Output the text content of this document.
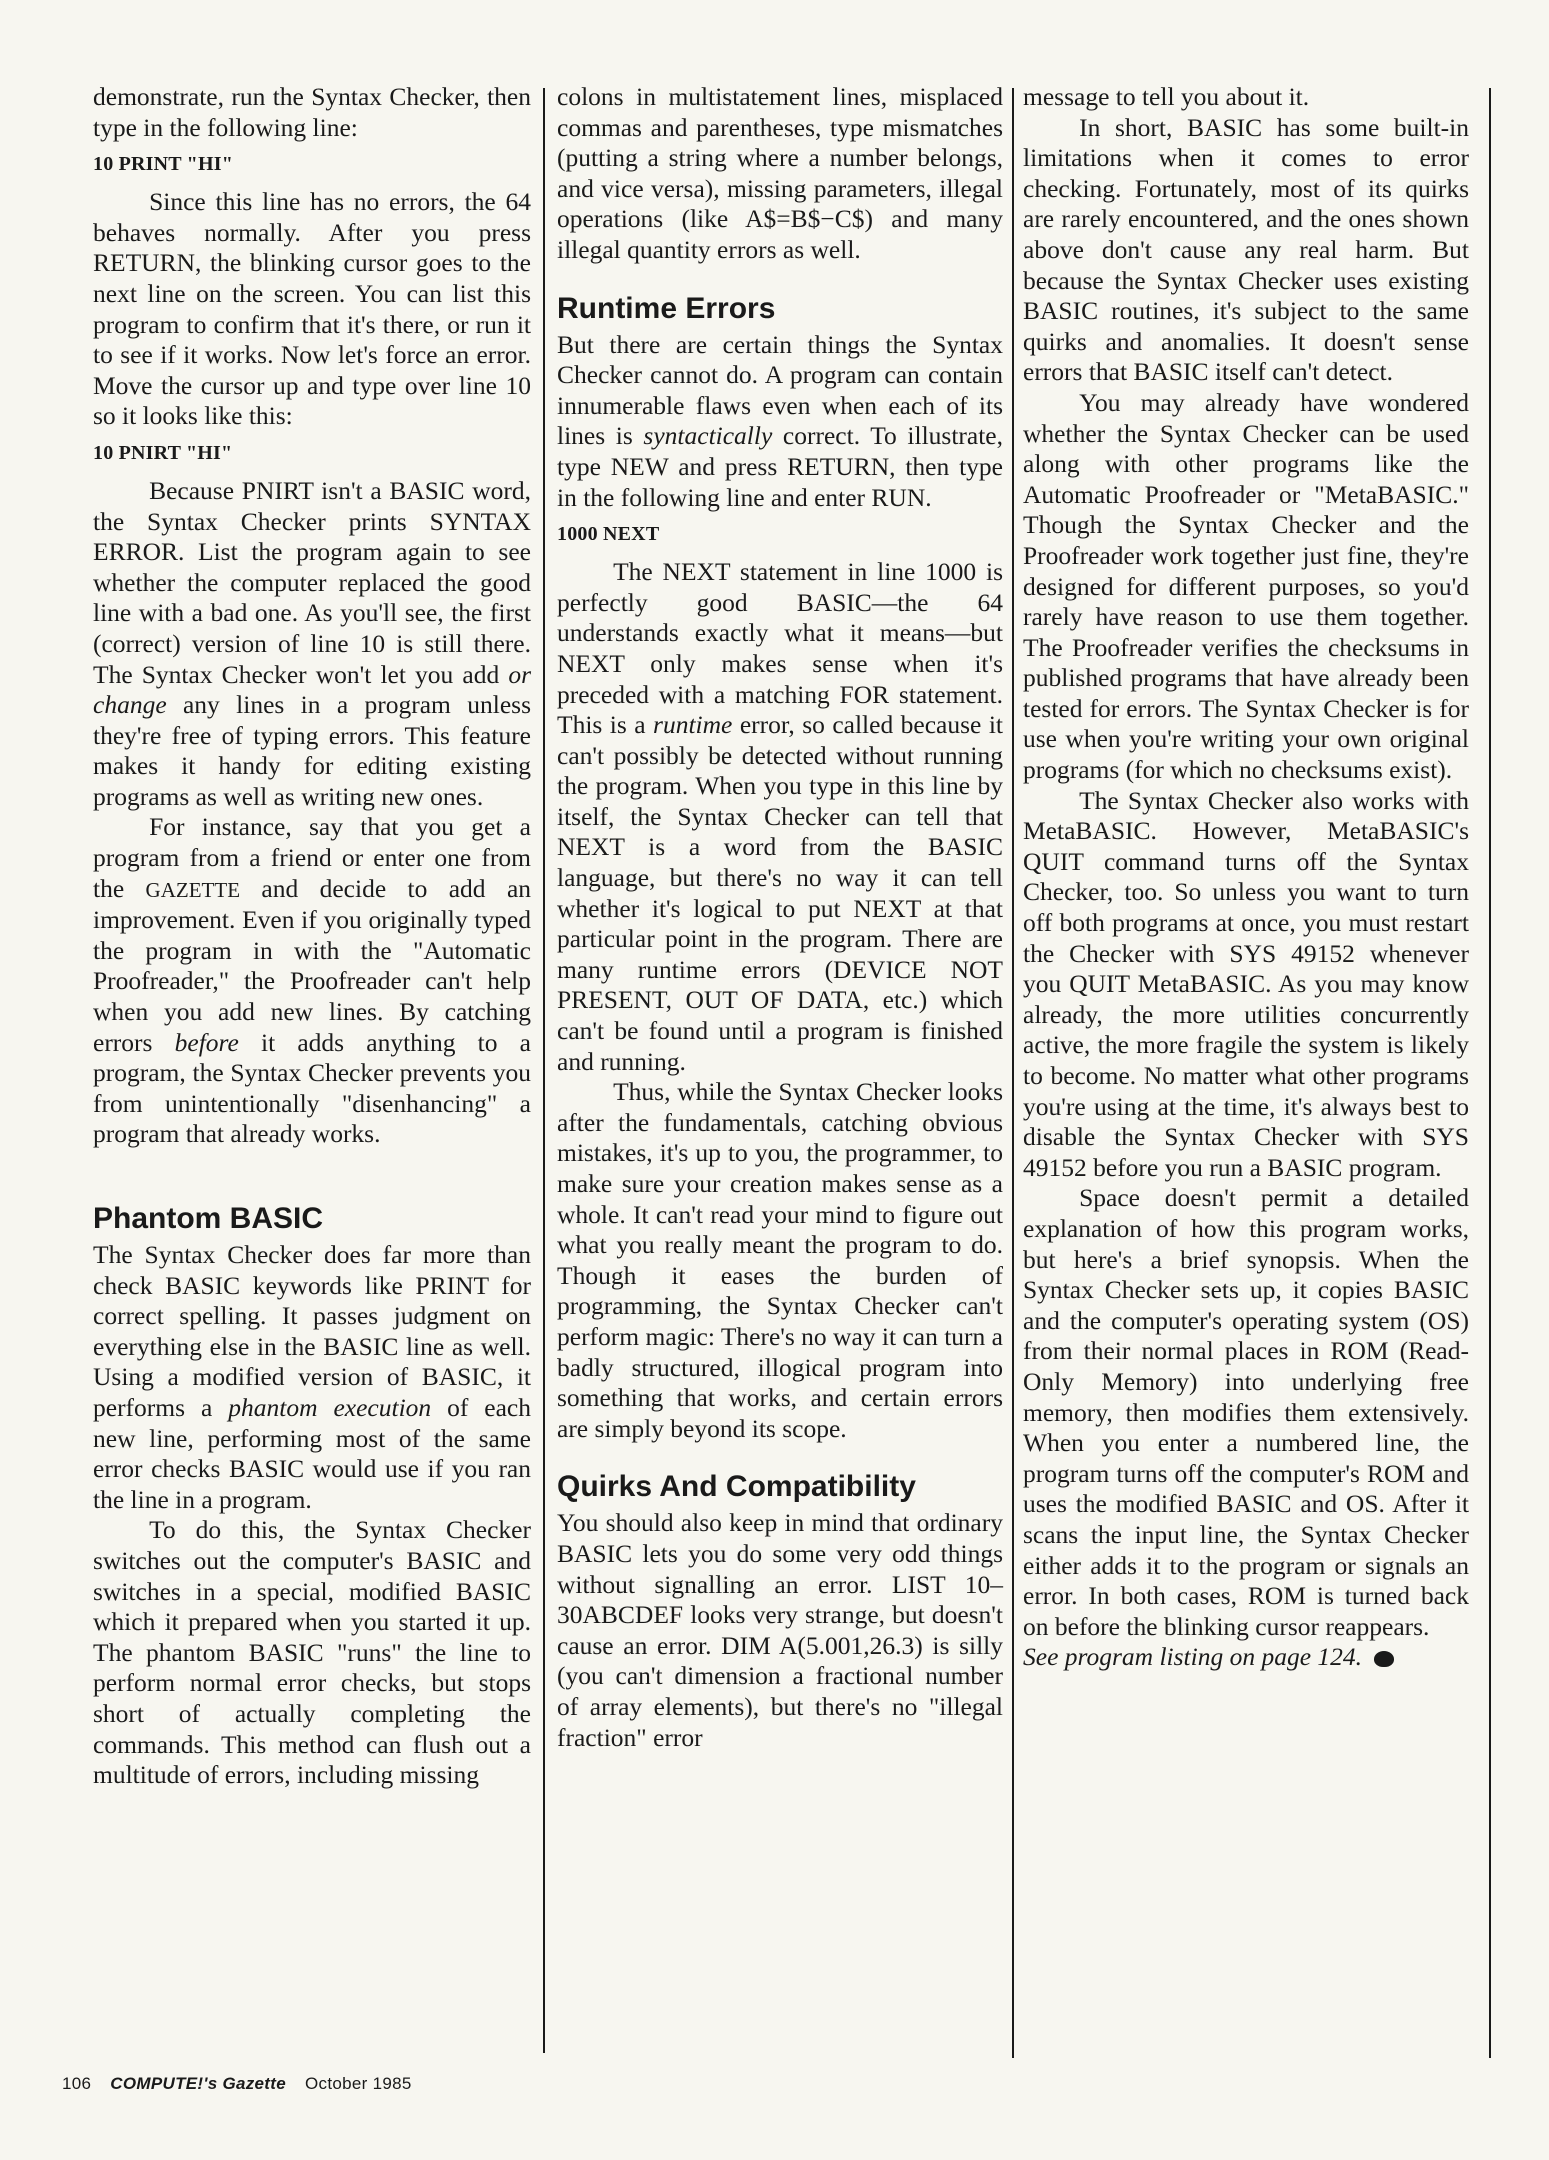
demonstrate, run the Syntax Checker, then type in the following line:

10 PRINT "HI"

Since this line has no errors, the 64 behaves normally. After you press RETURN, the blinking cursor goes to the next line on the screen. You can list this program to confirm that it's there, or run it to see if it works. Now let's force an error. Move the cursor up and type over line 10 so it looks like this:

10 PNIRT "HI"

Because PNIRT isn't a BASIC word, the Syntax Checker prints SYNTAX ERROR. List the program again to see whether the computer replaced the good line with a bad one. As you'll see, the first (correct) version of line 10 is still there. The Syntax Checker won't let you add or change any lines in a program unless they're free of typing errors. This feature makes it handy for editing existing programs as well as writing new ones.

For instance, say that you get a program from a friend or enter one from the GAZETTE and decide to add an improvement. Even if you originally typed the program in with the "Automatic Proofreader," the Proofreader can't help when you add new lines. By catching errors before it adds anything to a program, the Syntax Checker prevents you from unintentionally "disenhancing" a program that already works.

Phantom BASIC

The Syntax Checker does far more than check BASIC keywords like PRINT for correct spelling. It passes judgment on everything else in the BASIC line as well. Using a modified version of BASIC, it performs a phantom execution of each new line, performing most of the same error checks BASIC would use if you ran the line in a program.

To do this, the Syntax Checker switches out the computer's BASIC and switches in a special, modified BASIC which it prepared when you started it up. The phantom BASIC "runs" the line to perform normal error checks, but stops short of actually completing the commands. This method can flush out a multitude of errors, including missing

colons in multistatement lines, misplaced commas and parentheses, type mismatches (putting a string where a number belongs, and vice versa), missing parameters, illegal operations (like A$=B$−C$) and many illegal quantity errors as well.

Runtime Errors

But there are certain things the Syntax Checker cannot do. A program can contain innumerable flaws even when each of its lines is syntactically correct. To illustrate, type NEW and press RETURN, then type in the following line and enter RUN.

1000 NEXT

The NEXT statement in line 1000 is perfectly good BASIC—the 64 understands exactly what it means—but NEXT only makes sense when it's preceded with a matching FOR statement. This is a runtime error, so called because it can't possibly be detected without running the program. When you type in this line by itself, the Syntax Checker can tell that NEXT is a word from the BASIC language, but there's no way it can tell whether it's logical to put NEXT at that particular point in the program. There are many runtime errors (DEVICE NOT PRESENT, OUT OF DATA, etc.) which can't be found until a program is finished and running.

Thus, while the Syntax Checker looks after the fundamentals, catching obvious mistakes, it's up to you, the programmer, to make sure your creation makes sense as a whole. It can't read your mind to figure out what you really meant the program to do. Though it eases the burden of programming, the Syntax Checker can't perform magic: There's no way it can turn a badly structured, illogical program into something that works, and certain errors are simply beyond its scope.

Quirks And Compatibility

You should also keep in mind that ordinary BASIC lets you do some very odd things without signalling an error. LIST 10–30ABCDEF looks very strange, but doesn't cause an error. DIM A(5.001,26.3) is silly (you can't dimension a fractional number of array elements), but there's no "illegal fraction" error

message to tell you about it.

In short, BASIC has some built-in limitations when it comes to error checking. Fortunately, most of its quirks are rarely encountered, and the ones shown above don't cause any real harm. But because the Syntax Checker uses existing BASIC routines, it's subject to the same quirks and anomalies. It doesn't sense errors that BASIC itself can't detect.

You may already have wondered whether the Syntax Checker can be used along with other programs like the Automatic Proofreader or "MetaBASIC." Though the Syntax Checker and the Proofreader work together just fine, they're designed for different purposes, so you'd rarely have reason to use them together. The Proofreader verifies the checksums in published programs that have already been tested for errors. The Syntax Checker is for use when you're writing your own original programs (for which no checksums exist).

The Syntax Checker also works with MetaBASIC. However, MetaBASIC's QUIT command turns off the Syntax Checker, too. So unless you want to turn off both programs at once, you must restart the Checker with SYS 49152 whenever you QUIT MetaBASIC. As you may know already, the more utilities concurrently active, the more fragile the system is likely to become. No matter what other programs you're using at the time, it's always best to disable the Syntax Checker with SYS 49152 before you run a BASIC program.

Space doesn't permit a detailed explanation of how this program works, but here's a brief synopsis. When the Syntax Checker sets up, it copies BASIC and the computer's operating system (OS) from their normal places in ROM (Read-Only Memory) into underlying free memory, then modifies them extensively. When you enter a numbered line, the program turns off the computer's ROM and uses the modified BASIC and OS. After it scans the input line, the Syntax Checker either adds it to the program or signals an error. In both cases, ROM is turned back on before the blinking cursor reappears.

See program listing on page 124.

106 COMPUTE!'s Gazette October 1985
